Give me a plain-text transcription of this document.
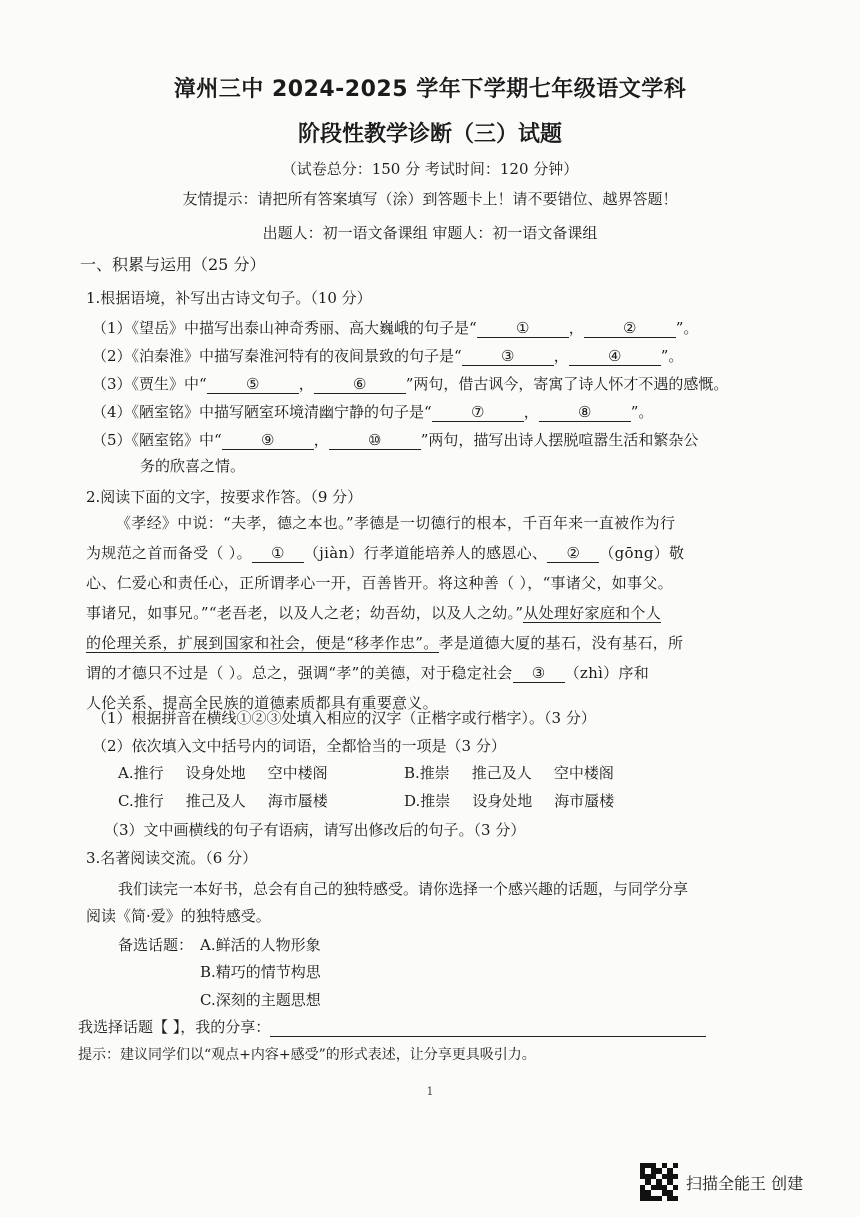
漳州三中 2024-2025 学年下学期七年级语文学科
阶段性教学诊断（三）试题
（试卷总分：150 分 考试时间：120 分钟）
友情提示：请把所有答案填写（涂）到答题卡上！请不要错位、越界答题！
出题人：初一语文备课组 审题人：初一语文备课组
一、积累与运用（25 分）
1.根据语境，补写出古诗文句子。（10 分）
（1）《望岳》中描写出泰山神奇秀丽、高大巍峨的句子是“	①	，	②	”。
（2）《泊秦淮》中描写秦淮河特有的夜间景致的句子是“	③	，	④	”。
（3）《贾生》中“	⑤	，	⑥	”两句，借古讽今，寄寓了诗人怀才不遇的感慨。
（4）《陋室铭》中描写陋室环境清幽宁静的句子是“	⑦	，	⑧	”。
（5）《陋室铭》中“	⑨	，	⑩	”两句，描写出诗人摆脱喧嚣生活和繁杂公
务的欣喜之情。
2.阅读下面的文字，按要求作答。（9 分）
《孝经》中说：“夫孝，德之本也。”孝德是一切德行的根本，千百年来一直被作为行
为规范之首而备受（ ）。 ① （jiàn）行孝道能培养人的感恩心、 ② （gōng）敬
心、仁爱心和责任心，正所谓孝心一开，百善皆开。将这种善（ ），“事诸父，如事父。
事诸兄，如事兄。”“老吾老，以及人之老；幼吾幼，以及人之幼。”从处理好家庭和个人
的伦理关系，扩展到国家和社会，便是“移孝作忠”。孝是道德大厦的基石，没有基石，所
谓的才德只不过是（ ）。总之，强调“孝”的美德，对于稳定社会 ③ （zhì）序和
人伦关系、提高全民族的道德素质都具有重要意义。
（1）根据拼音在横线①②③处填入相应的汉字（正楷字或行楷字）。（3 分）
（2）依次填入文中括号内的词语，全都恰当的一项是（3 分）
A.推行 设身处地 空中楼阁	B.推崇 推己及人 空中楼阁
C.推行 推己及人 海市蜃楼	D.推崇 设身处地 海市蜃楼
（3）文中画横线的句子有语病，请写出修改后的句子。（3 分）
3.名著阅读交流。（6 分）
我们读完一本好书，总会有自己的独特感受。请你选择一个感兴趣的话题，与同学分享
阅读《简·爱》的独特感受。
备选话题： A.鲜活的人物形象
B.精巧的情节构思
C.深刻的主题思想
我选择话题【 】，我的分享：
提示：建议同学们以“观点+内容+感受”的形式表述，让分享更具吸引力。
1
扫描全能王 创建
